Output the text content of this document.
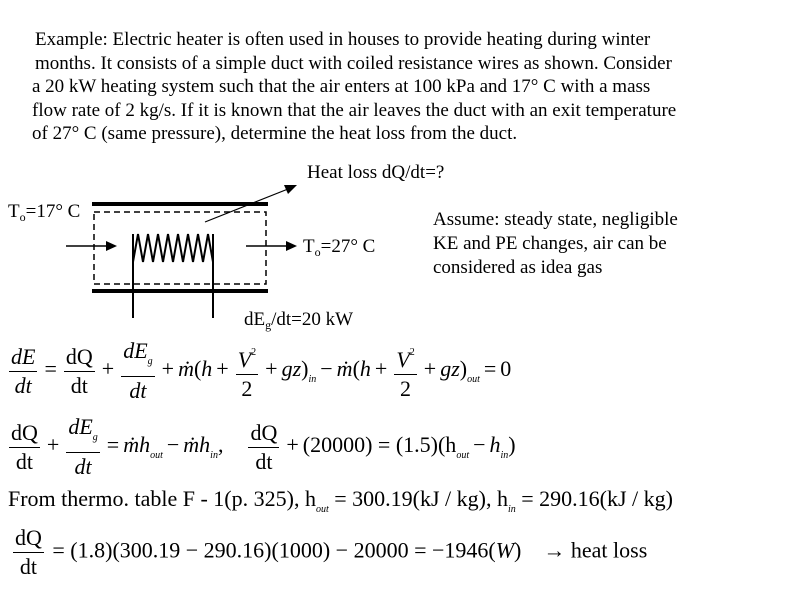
Example: Electric heater is often used in houses to provide heating during winter
months. It consists of a simple duct with coiled resistance wires as shown. Consider
a 20 kW heating system such that the air enters at 100 kPa and 17° C with a mass
flow rate of 2 kg/s. If it is known that the air leaves the duct with an exit temperature
of 27° C (same pressure), determine the heat loss from the duct.
Heat loss dQ/dt=?
$T_o=17^\circ$ C
$T_o=27^\circ$ C
$dE_g/dt=20$ kW
Assume: steady state, negligible
KE and PE changes, air can be
considered as idea gas
$\frac{dE}{dt} = \frac{dQ}{dt} + \frac{dE_g}{dt}$ + ṁ(h + $\frac{V^2}{2} + gz)_{in}$ − ṁ(h + $\frac{V^2}{2} + gz)_{out} = 0$
$\frac{dQ}{dt} + \frac{dE_g}{dt}$ = ṁh$_{out}$ − ṁh$_{in}$, $\frac{dQ}{dt} + (20000) = (1.5)(h_{out} - h_{in})$
From thermo. table F - 1(p. 325), $h_{out} = 300.19(kJ / kg)$, $h_{in} = 290.16(kJ / kg)$
$\frac{dQ}{dt} = (1.8)(300.19 - 290.16)(1000) - 20000 = -1946(W)$ → heat loss
